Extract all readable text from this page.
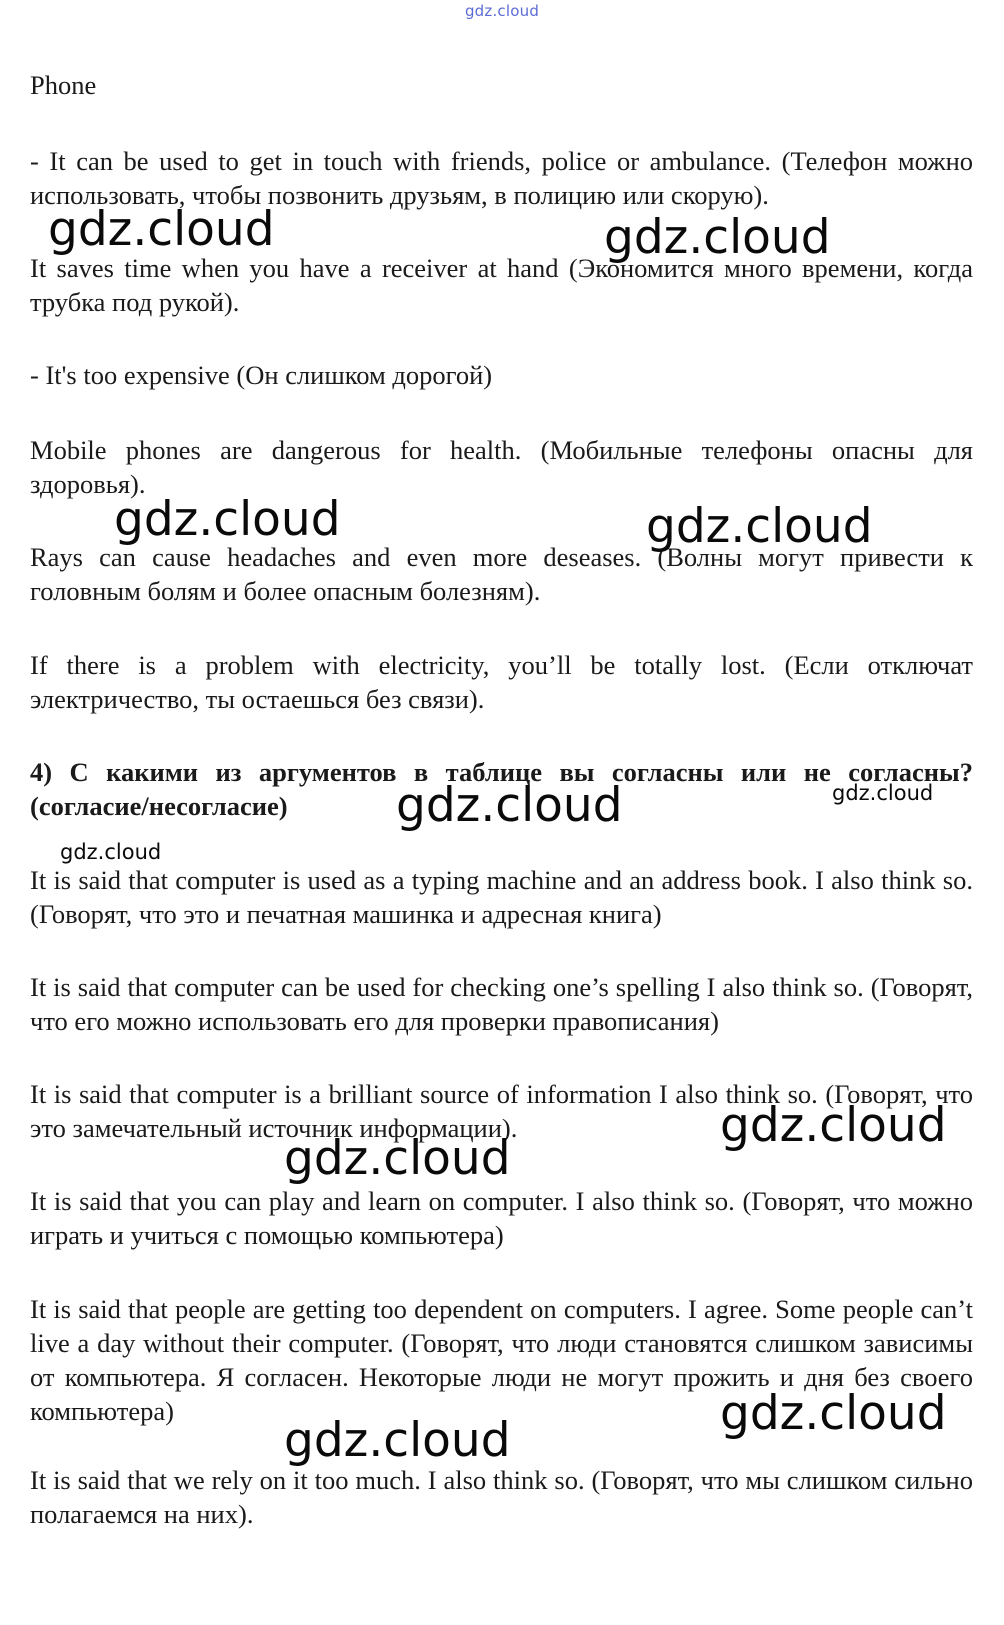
gdz.cloud

Phone

- It can be used to get in touch with friends, police or ambulance. (Телефон можно использовать, чтобы позвонить друзьям, в полицию или скорую).

It saves time when you have a receiver at hand (Экономится много времени, когда трубка под рукой).

- It's too expensive (Он слишком дорогой)

Mobile phones are dangerous for health. (Мобильные телефоны опасны для здоровья).

Rays can cause headaches and even more deseases. (Волны могут привести к головным болям и более опасным болезням).

If there is a problem with electricity, you’ll be totally lost. (Если отключат электричество, ты остаешься без связи).

4) С какими из аргументов в таблице вы согласны или не согласны? (согласие/несогласие)

It is said that computer is used as a typing machine and an address book. I also think so. (Говорят, что это и печатная машинка и адресная книга)

It is said that computer can be used for checking one’s spelling I also think so. (Говорят, что его можно использовать его для проверки правописания)

It is said that computer is a brilliant source of information I also think so. (Говорят, что это замечательный источник информации).

It is said that you can play and learn on computer. I also think so. (Говорят, что можно играть и учиться с помощью компьютера)

It is said that people are getting too dependent on computers. I agree. Some people can’t live a day without their computer. (Говорят, что люди становятся слишком зависимы от компьютера. Я согласен. Некоторые люди не могут прожить и дня без своего компьютера)

It is said that we rely on it too much. I also think so. (Говорят, что мы слишком сильно полагаемся на них).

gdz.cloud	gdz.cloud
gdz.cloud	gdz.cloud
gdz.cloud	gdz.cloud
gdz.cloud
gdz.cloud
gdz.cloud
gdz.cloud
gdz.cloud
